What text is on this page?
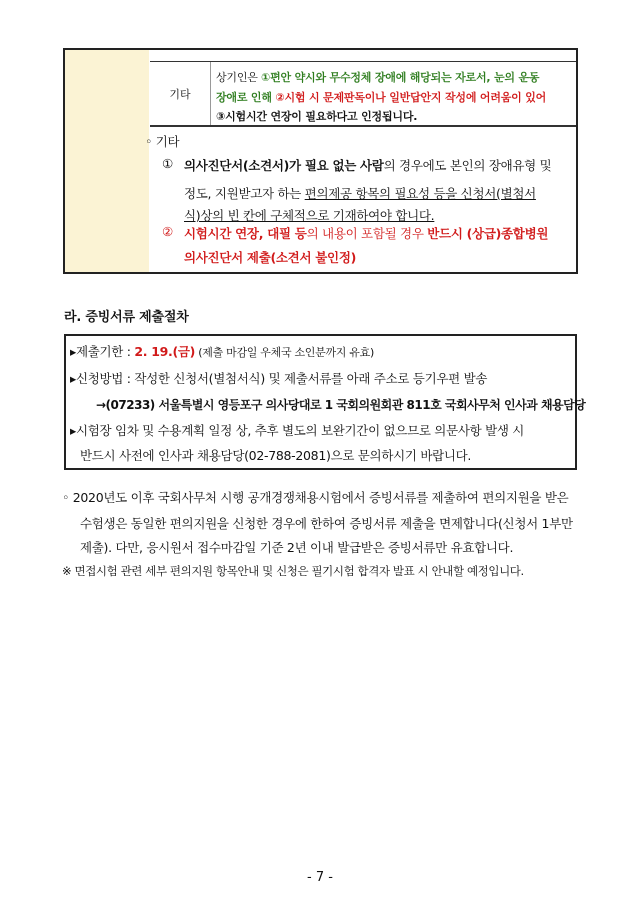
기타
상기인은 ①편안 약시와 무수정체 장애에 해당되는 자로서, 눈의 운동
장애로 인해 ②시험 시 문제판독이나 일반답안지 작성에 어려움이 있어
③시험시간 연장이 필요하다고 인정됩니다.
◦ 기타
① 의사진단서(소견서)가 필요 없는 사람의 경우에도 본인의 장애유형 및
정도, 지원받고자 하는 편의제공 항목의 필요성 등을 신청서(별첨서
식)상의 빈 칸에 구체적으로 기재하여야 합니다.
② 시험시간 연장, 대필 등의 내용이 포함될 경우 반드시 (상급)종합병원
의사진단서 제출(소견서 불인정)
라. 증빙서류 제출절차
▸제출기한 : 2. 19.(금) (제출 마감일 우체국 소인분까지 유효)
▸신청방법 : 작성한 신청서(별첨서식) 및 제출서류를 아래 주소로 등기우편 발송
→(07233) 서울특별시 영등포구 의사당대로 1 국회의원회관 811호 국회사무처 인사과 채용담당
▸시험장 임차 및 수용계획 일정 상, 추후 별도의 보완기간이 없으므로 의문사항 발생 시
반드시 사전에 인사과 채용담당(02-788-2081)으로 문의하시기 바랍니다.
◦ 2020년도 이후 국회사무처 시행 공개경쟁채용시험에서 증빙서류를 제출하여 편의지원을 받은
수험생은 동일한 편의지원을 신청한 경우에 한하여 증빙서류 제출을 면제합니다(신청서 1부만
제출). 다만, 응시원서 접수마감일 기준 2년 이내 발급받은 증빙서류만 유효합니다.
※ 면접시험 관련 세부 편의지원 항목안내 및 신청은 필기시험 합격자 발표 시 안내할 예정입니다.
- 7 -
